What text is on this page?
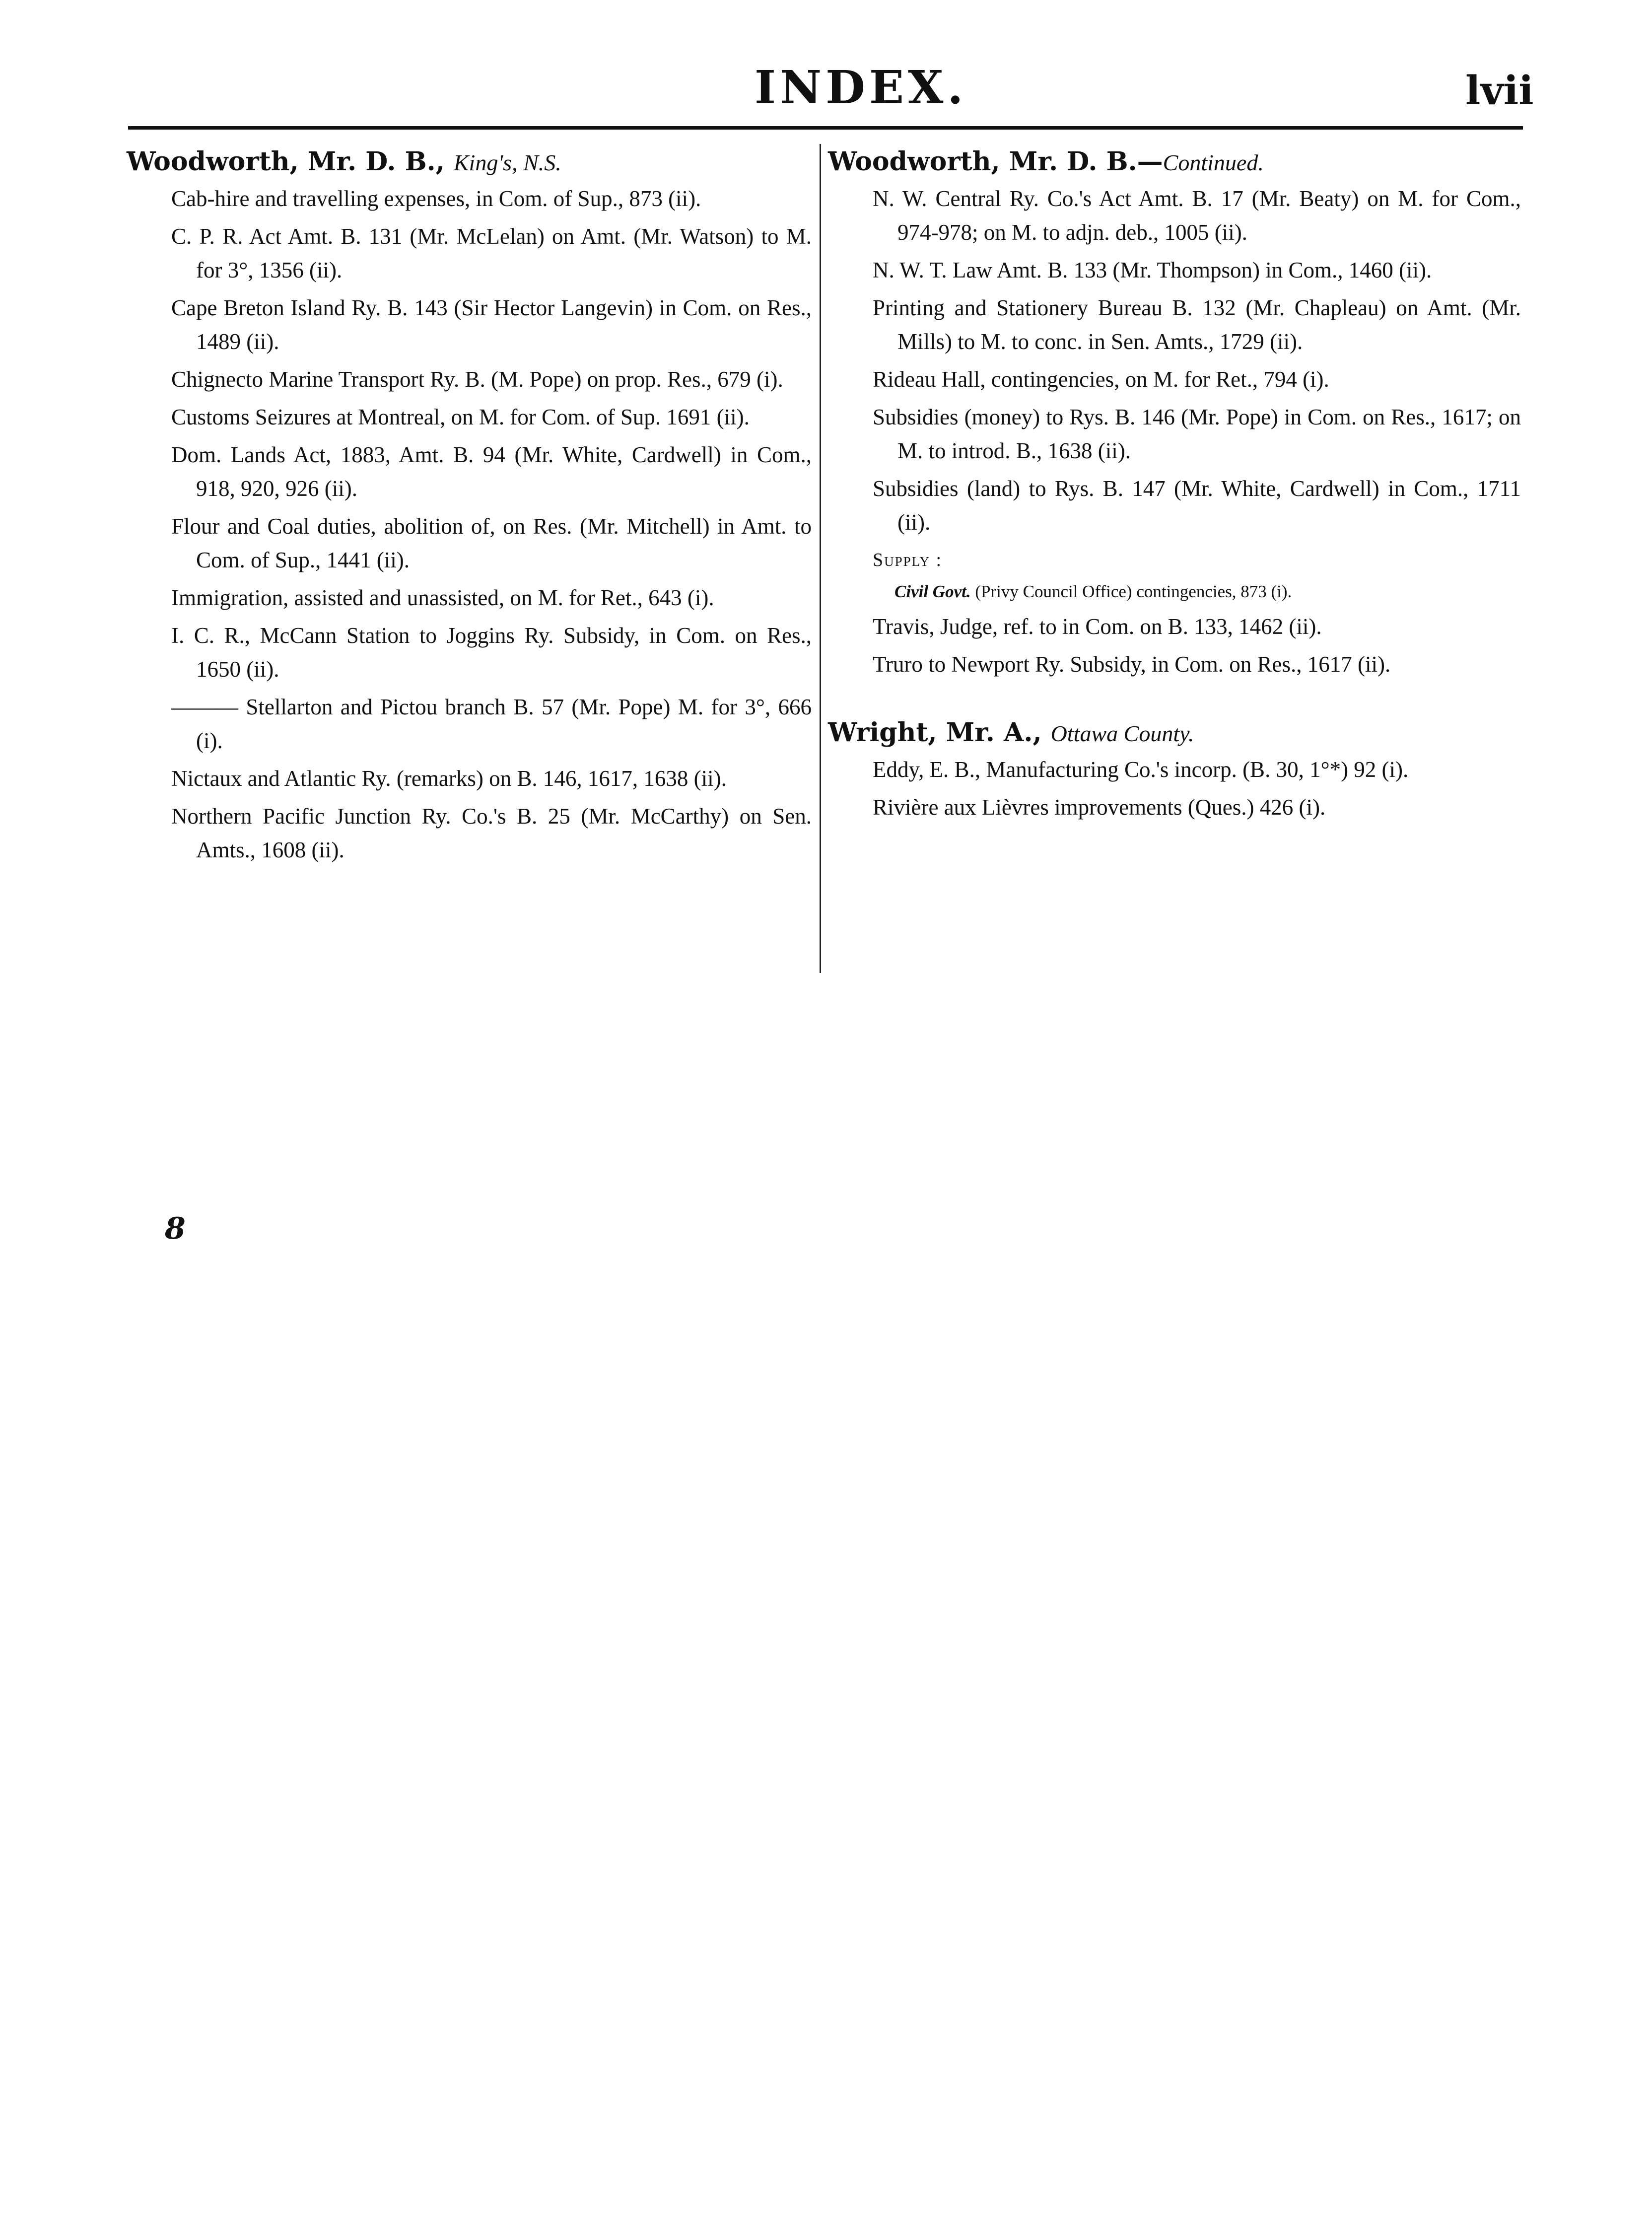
INDEX.	lvii

Woodworth, Mr. D. B., King's, N.S.

Cab-hire and travelling expenses, in Com. of Sup., 873 (ii).
C. P. R. Act Amt. B. 131 (Mr. McLelan) on Amt. (Mr. Watson) to M. for 3°, 1356 (ii).
Cape Breton Island Ry. B. 143 (Sir Hector Langevin) in Com. on Res., 1489 (ii).
Chignecto Marine Transport Ry. B. (M. Pope) on prop. Res., 679 (i).
Customs Seizures at Montreal, on M. for Com. of Sup. 1691 (ii).
Dom. Lands Act, 1883, Amt. B. 94 (Mr. White, Cardwell) in Com., 918, 920, 926 (ii).
Flour and Coal duties, abolition of, on Res. (Mr. Mitchell) in Amt. to Com. of Sup., 1441 (ii).
Immigration, assisted and unassisted, on M. for Ret., 643 (i).
I. C. R., McCann Station to Joggins Ry. Subsidy, in Com. on Res., 1650 (ii).
——— Stellarton and Pictou branch B. 57 (Mr. Pope) M. for 3°, 666 (i).
Nictaux and Atlantic Ry. (remarks) on B. 146, 1617, 1638 (ii).
Northern Pacific Junction Ry. Co.'s B. 25 (Mr. McCarthy) on Sen. Amts., 1608 (ii).

Woodworth, Mr. D. B.—Continued.

N. W. Central Ry. Co.'s Act Amt. B. 17 (Mr. Beaty) on M. for Com., 974-978; on M. to adjn. deb., 1005 (ii).
N. W. T. Law Amt. B. 133 (Mr. Thompson) in Com., 1460 (ii).
Printing and Stationery Bureau B. 132 (Mr. Chapleau) on Amt. (Mr. Mills) to M. to conc. in Sen. Amts., 1729 (ii).
Rideau Hall, contingencies, on M. for Ret., 794 (i).
Subsidies (money) to Rys. B. 146 (Mr. Pope) in Com. on Res., 1617; on M. to introd. B., 1638 (ii).
Subsidies (land) to Rys. B. 147 (Mr. White, Cardwell) in Com., 1711 (ii).
Supply :
Civil Govt. (Privy Council Office) contingencies, 873 (i).
Travis, Judge, ref. to in Com. on B. 133, 1462 (ii).
Truro to Newport Ry. Subsidy, in Com. on Res., 1617 (ii).

Wright, Mr. A., Ottawa County.

Eddy, E. B., Manufacturing Co.'s incorp. (B. 30, 1°*) 92 (i).
Rivière aux Lièvres improvements (Ques.) 426 (i).
8
